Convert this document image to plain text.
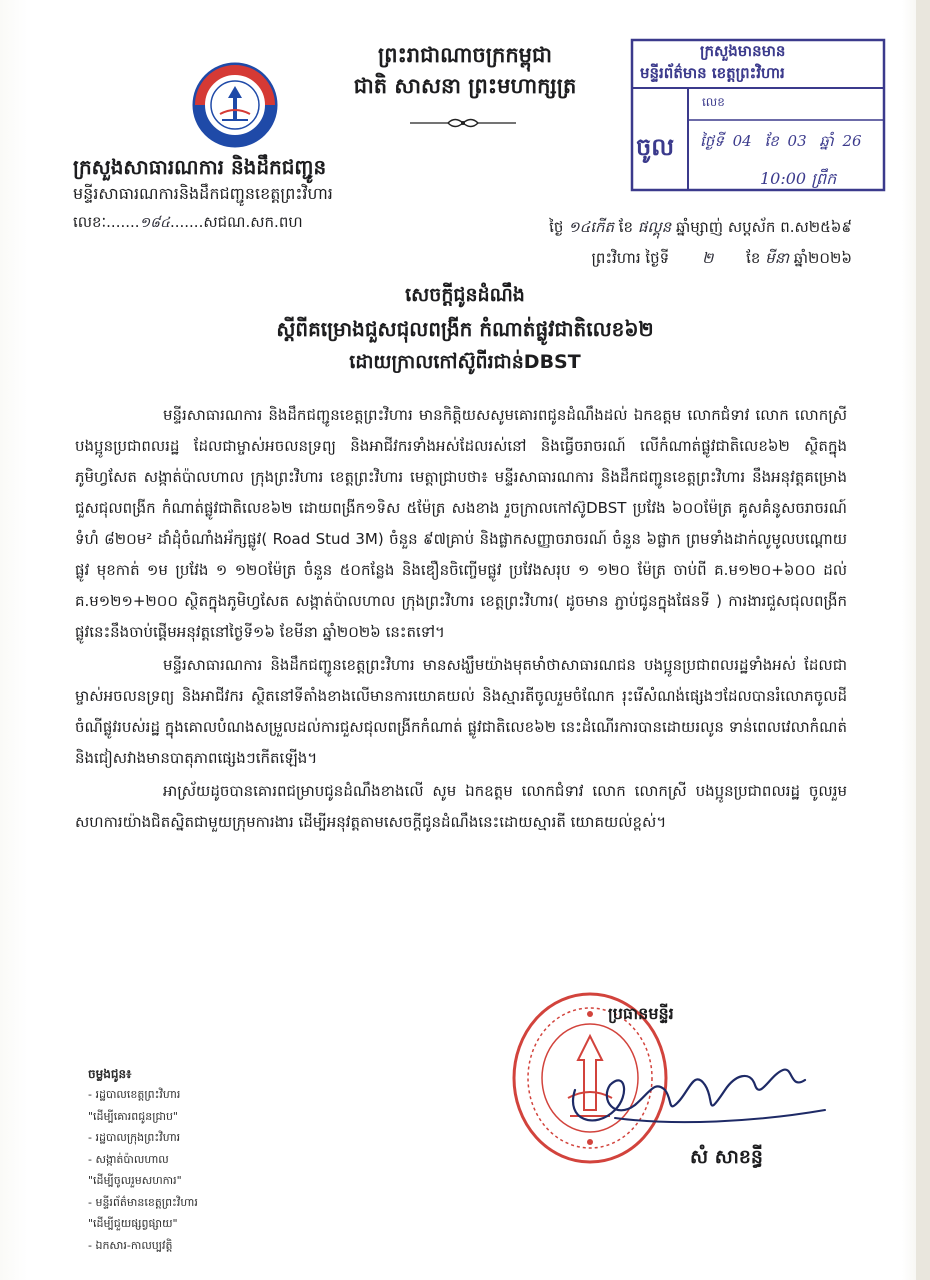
ព្រះរាជាណាចក្រកម្ពុជា
ជាតិ សាសនា ព្រះមហាក្សត្រ
ក្រសួងមានមាន
មន្ទីរព័ត៌មាន ខេត្តព្រះវិហារ
លេខ
ចូល ថ្ងៃទី 04 ខែ 03 ឆ្នាំ 26
10:00 ព្រឹក
ក្រសួងសាធារណការ និងដឹកជញ្ជូន
មន្ទីរសាធារណការនិងដឹកជញ្ជូនខេត្តព្រះវិហារ
លេខៈ.......១៨៤.......សជណ.សក.ពហ	ថ្ងៃ ១៤កើត ខែ ផល្គុន ឆ្នាំម្សាញ់ សប្តស័ក ព.ស២៥៦៩
ព្រះវិហារ ថ្ងៃទី ២ ខែ មីនា ឆ្នាំ២០២៦
សេចក្តីជូនដំណឹង
ស្តីពីគម្រោងជួសជុលពង្រីក កំណាត់ផ្លូវជាតិលេខ៦២
ដោយក្រាលកៅស៊ូពីរជាន់DBST

មន្ទីរសាធារណការ និងដឹកជញ្ជូនខេត្តព្រះវិហារ មានកិត្តិយសសូមគោរពជូនដំណឹងដល់ ឯកឧត្តម លោកជំទាវ លោក លោកស្រី បងប្អូនប្រជាពលរដ្ឋ ដែលជាម្ចាស់អចលនទ្រព្យ និងអាជីវករទាំងអស់ដែលរស់នៅ និងធ្វើចរាចរណ៍ លើកំណាត់ផ្លូវជាតិលេខ៦២ ស្ថិតក្នុងភូមិហ្វសែត សង្កាត់ប៉ាលហាល ក្រុងព្រះវិហារ ខេត្តព្រះវិហារ មេត្តាជ្រាបថា៖ មន្ទីរសាធារណការ និងដឹកជញ្ជូនខេត្តព្រះវិហារ នឹងអនុវត្តគម្រោងជួសជុលពង្រីក កំណាត់ផ្លូវជាតិលេខ៦២ ដោយពង្រីក១ទិស ៥ម៉ែត្រ សងខាង រួចក្រាលកៅស៊ូDBST ប្រវែង ៦០០ម៉ែត្រ គូសគំនូសចរាចរណ៍ ទំហំ ៨២០ម² ដាំដុំចំណាំងអ័ក្សផ្លូវ( Road Stud 3M) ចំនួន ៩៧គ្រាប់ និងផ្លាកសញ្ញាចរាចរណ៍ ចំនួន ៦ផ្លាក ព្រមទាំងដាក់លូមូលបណ្តោយផ្លូវ មុខកាត់ ១ម ប្រវែង ១ ១២០ម៉ែត្រ ចំនួន ៥០កន្លែង និងឌឿនចិញ្ចើមផ្លូវ ប្រវែងសរុប ១ ១២០ ម៉ែត្រ ចាប់ពី គ.ម១២០+៦០០ ដល់ គ.ម១២១+២០០ ស្ថិតក្នុងភូមិហ្វសែត សង្កាត់ប៉ាលហាល ក្រុងព្រះវិហារ ខេត្តព្រះវិហារ( ដូចមាន ភ្ជាប់ជូនក្នុងផែនទី ) ការងារជួសជុលពង្រីកផ្លូវនេះនឹងចាប់ផ្តើមអនុវត្តនៅថ្ងៃទី១៦ ខែមីនា ឆ្នាំ២០២៦ នេះតទៅ។

មន្ទីរសាធារណការ និងដឹកជញ្ជូនខេត្តព្រះវិហារ មានសង្ឃឹមយ៉ាងមុតមាំថាសាធារណជន បងប្អូនប្រជាពលរដ្ឋទាំងអស់ ដែលជាម្ចាស់អចលនទ្រព្យ និងអាជីវករ ស្ថិតនៅទីតាំងខាងលើមានការយោគយល់ និងស្មារតីចូលរួមចំណែក រុះរើសំណង់ផ្សេងៗដែលបានរំលោភចូលដីចំណីផ្លូវរបស់រដ្ឋ ក្នុងគោលបំណងសម្រួលដល់ការជួសជុលពង្រីកកំណាត់ ផ្លូវជាតិលេខ៦២ នេះដំណើរការបានដោយរលូន ទាន់ពេលវេលាកំណត់ និងជៀសវាងមានបាតុភាពផ្សេងៗកើតឡើង។

អាស្រ័យដូចបានគោរពជម្រាបជូនដំណឹងខាងលើ សូម ឯកឧត្តម លោកជំទាវ លោក លោកស្រី បងប្អូនប្រជាពលរដ្ឋ ចូលរួមសហការយ៉ាងជិតស្និតជាមួយក្រុមការងារ ដើម្បីអនុវត្តតាមសេចក្តីជូនដំណឹងនេះដោយស្មារតី យោគយល់ខ្ពស់។

ប្រធានមន្ទីរ
សំ សាខន្ធី
ចម្លងជូន៖
- រដ្ឋបាលខេត្តព្រះវិហារ
"ដើម្បីគោរពជូនជ្រាប"
- រដ្ឋបាលក្រុងព្រះវិហារ
- សង្កាត់ប៉ាលហាល
"ដើម្បីចូលរួមសហការ"
- មន្ទីរព័ត៌មានខេត្តព្រះវិហារ
"ដើម្បីជួយផ្សព្វផ្សាយ"
- ឯកសារ-កាលប្បវត្តិ
